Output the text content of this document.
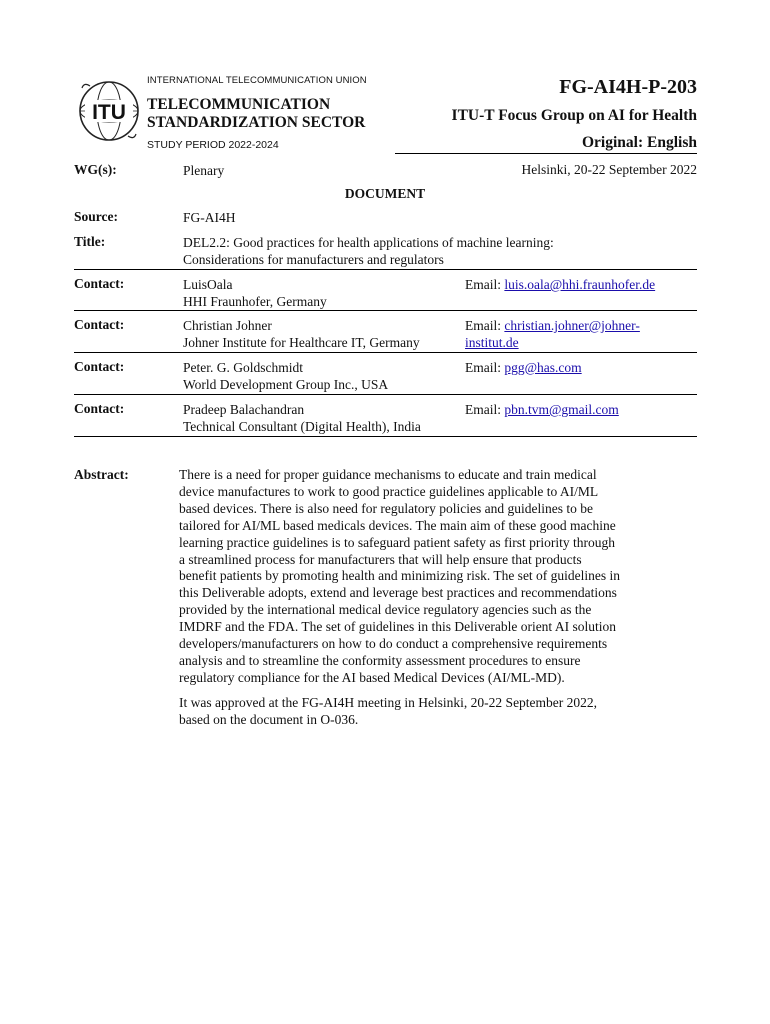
ITU
INTERNATIONAL TELECOMMUNICATION UNION
TELECOMMUNICATION
STANDARDIZATION SECTOR
STUDY PERIOD 2022-2024
FG-AI4H-P-203
ITU-T Focus Group on AI for Health
Original: English
WG(s):	Plenary	Helsinki, 20-22 September 2022
DOCUMENT
Source:	FG-AI4H
Title:	DEL2.2: Good practices for health applications of machine learning:
Considerations for manufacturers and regulators
Contact:	LuisOala
HHI Fraunhofer, Germany
Email: luis.oala@hhi.fraunhofer.de
Contact:	Christian Johner
Johner Institute for Healthcare IT, Germany
Email: christian.johner@johner-
institut.de
Contact:	Peter. G. Goldschmidt
World Development Group Inc., USA
Email: pgg@has.com
Contact:	Pradeep Balachandran
Technical Consultant (Digital Health), India
Email: pbn.tvm@gmail.com
Abstract:	There is a need for proper guidance mechanisms to educate and train medical
device manufactures to work to good practice guidelines applicable to AI/ML
based devices. There is also need for regulatory policies and guidelines to be
tailored for AI/ML based medicals devices. The main aim of these good machine
learning practice guidelines is to safeguard patient safety as first priority through
a streamlined process for manufacturers that will help ensure that products
benefit patients by promoting health and minimizing risk. The set of guidelines in
this Deliverable adopts, extend and leverage best practices and recommendations
provided by the international medical device regulatory agencies such as the
IMDRF and the FDA. The set of guidelines in this Deliverable orient AI solution
developers/manufacturers on how to do conduct a comprehensive requirements
analysis and to streamline the conformity assessment procedures to ensure
regulatory compliance for the AI based Medical Devices (AI/ML-MD).

It was approved at the FG-AI4H meeting in Helsinki, 20-22 September 2022,
based on the document in O-036.
